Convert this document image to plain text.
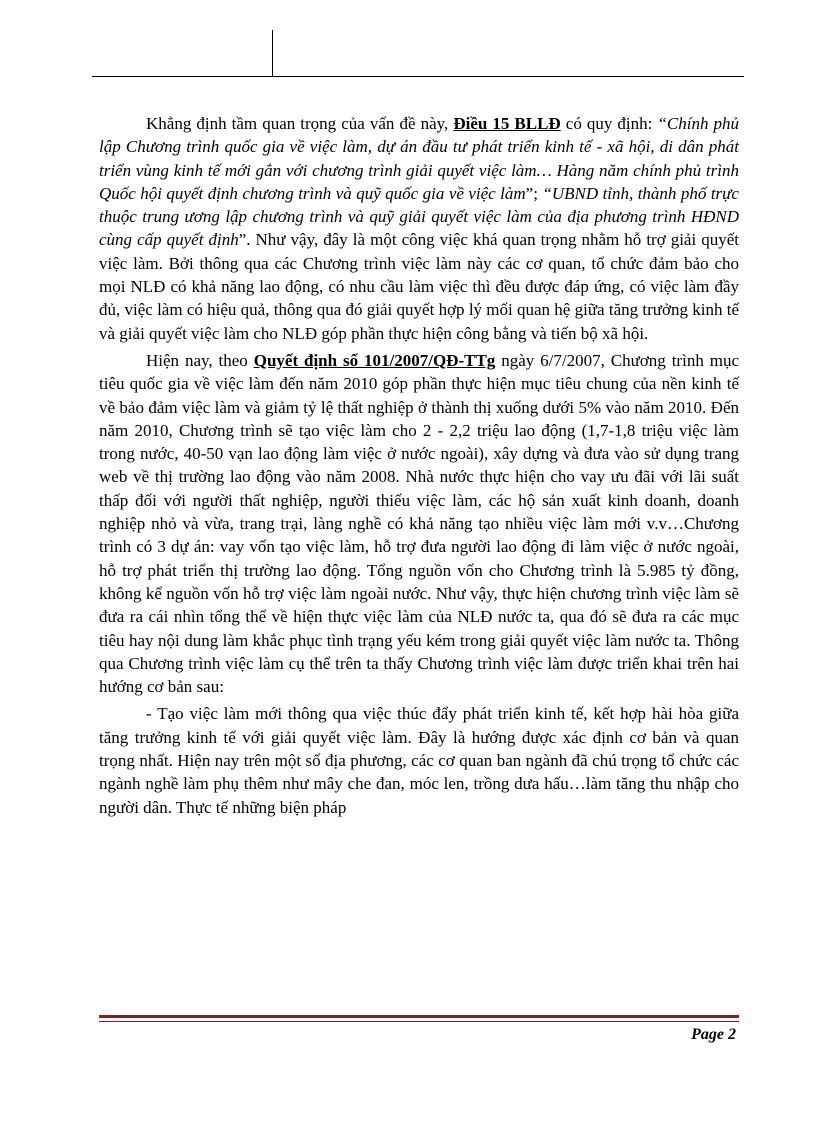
Khẳng định tầm quan trọng của vấn đề này, Điều 15 BLLĐ có quy định: “Chính phủ lập Chương trình quốc gia về việc làm, dự án đầu tư phát triển kinh tế - xã hội, di dân phát triển vùng kinh tế mới gắn với chương trình giải quyết việc làm… Hàng năm chính phủ trình Quốc hội quyết định chương trình và quỹ quốc gia về việc làm”; “UBND tỉnh, thành phố trực thuộc trung ương lập chương trình và quỹ giải quyết việc làm của địa phương trình HĐND cùng cấp quyết định”. Như vậy, đây là một công việc khá quan trọng nhằm hỗ trợ giải quyết việc làm. Bởi thông qua các Chương trình việc làm này các cơ quan, tổ chức đảm bảo cho mọi NLĐ có khả năng lao động, có nhu cầu làm việc thì đều được đáp ứng, có việc làm đầy đủ, việc làm có hiệu quả, thông qua đó giải quyết hợp lý mối quan hệ giữa tăng trưởng kinh tế và giải quyết việc làm cho NLĐ góp phần thực hiện công bằng và tiến bộ xã hội.

Hiện nay, theo Quyết định số 101/2007/QĐ-TTg ngày 6/7/2007, Chương trình mục tiêu quốc gia về việc làm đến năm 2010 góp phần thực hiện mục tiêu chung của nền kinh tế về bảo đảm việc làm và giảm tỷ lệ thất nghiệp ở thành thị xuống dưới 5% vào năm 2010. Đến năm 2010, Chương trình sẽ tạo việc làm cho 2 - 2,2 triệu lao động (1,7-1,8 triệu việc làm trong nước, 40-50 vạn lao động làm việc ở nước ngoài), xây dựng và đưa vào sử dụng trang web về thị trường lao động vào năm 2008. Nhà nước thực hiện cho vay ưu đãi với lãi suất thấp đối với người thất nghiệp, người thiếu việc làm, các hộ sản xuất kinh doanh, doanh nghiệp nhỏ và vừa, trang trại, làng nghề có khả năng tạo nhiều việc làm mới v.v…Chương trình có 3 dự án: vay vốn tạo việc làm, hỗ trợ đưa người lao động đi làm việc ở nước ngoài, hỗ trợ phát triển thị trường lao động. Tổng nguồn vốn cho Chương trình là 5.985 tỷ đồng, không kể nguồn vốn hỗ trợ việc làm ngoài nước. Như vậy, thực hiện chương trình việc làm sẽ đưa ra cái nhìn tổng thể về hiện thực việc làm của NLĐ nước ta, qua đó sẽ đưa ra các mục tiêu hay nội dung làm khắc phục tình trạng yếu kém trong giải quyết việc làm nước ta. Thông qua Chương trình việc làm cụ thể trên ta thấy Chương trình việc làm được triển khai trên hai hướng cơ bản sau:

- Tạo việc làm mới thông qua việc thúc đẩy phát triển kinh tế, kết hợp hài hòa giữa tăng trưởng kinh tế với giải quyết việc làm. Đây là hướng được xác định cơ bản và quan trọng nhất. Hiện nay trên một số địa phương, các cơ quan ban ngành đã chú trọng tổ chức các ngành nghề làm phụ thêm như mây che đan, móc len, trồng dưa hấu…làm tăng thu nhập cho người dân. Thực tế những biện pháp

Page 2
